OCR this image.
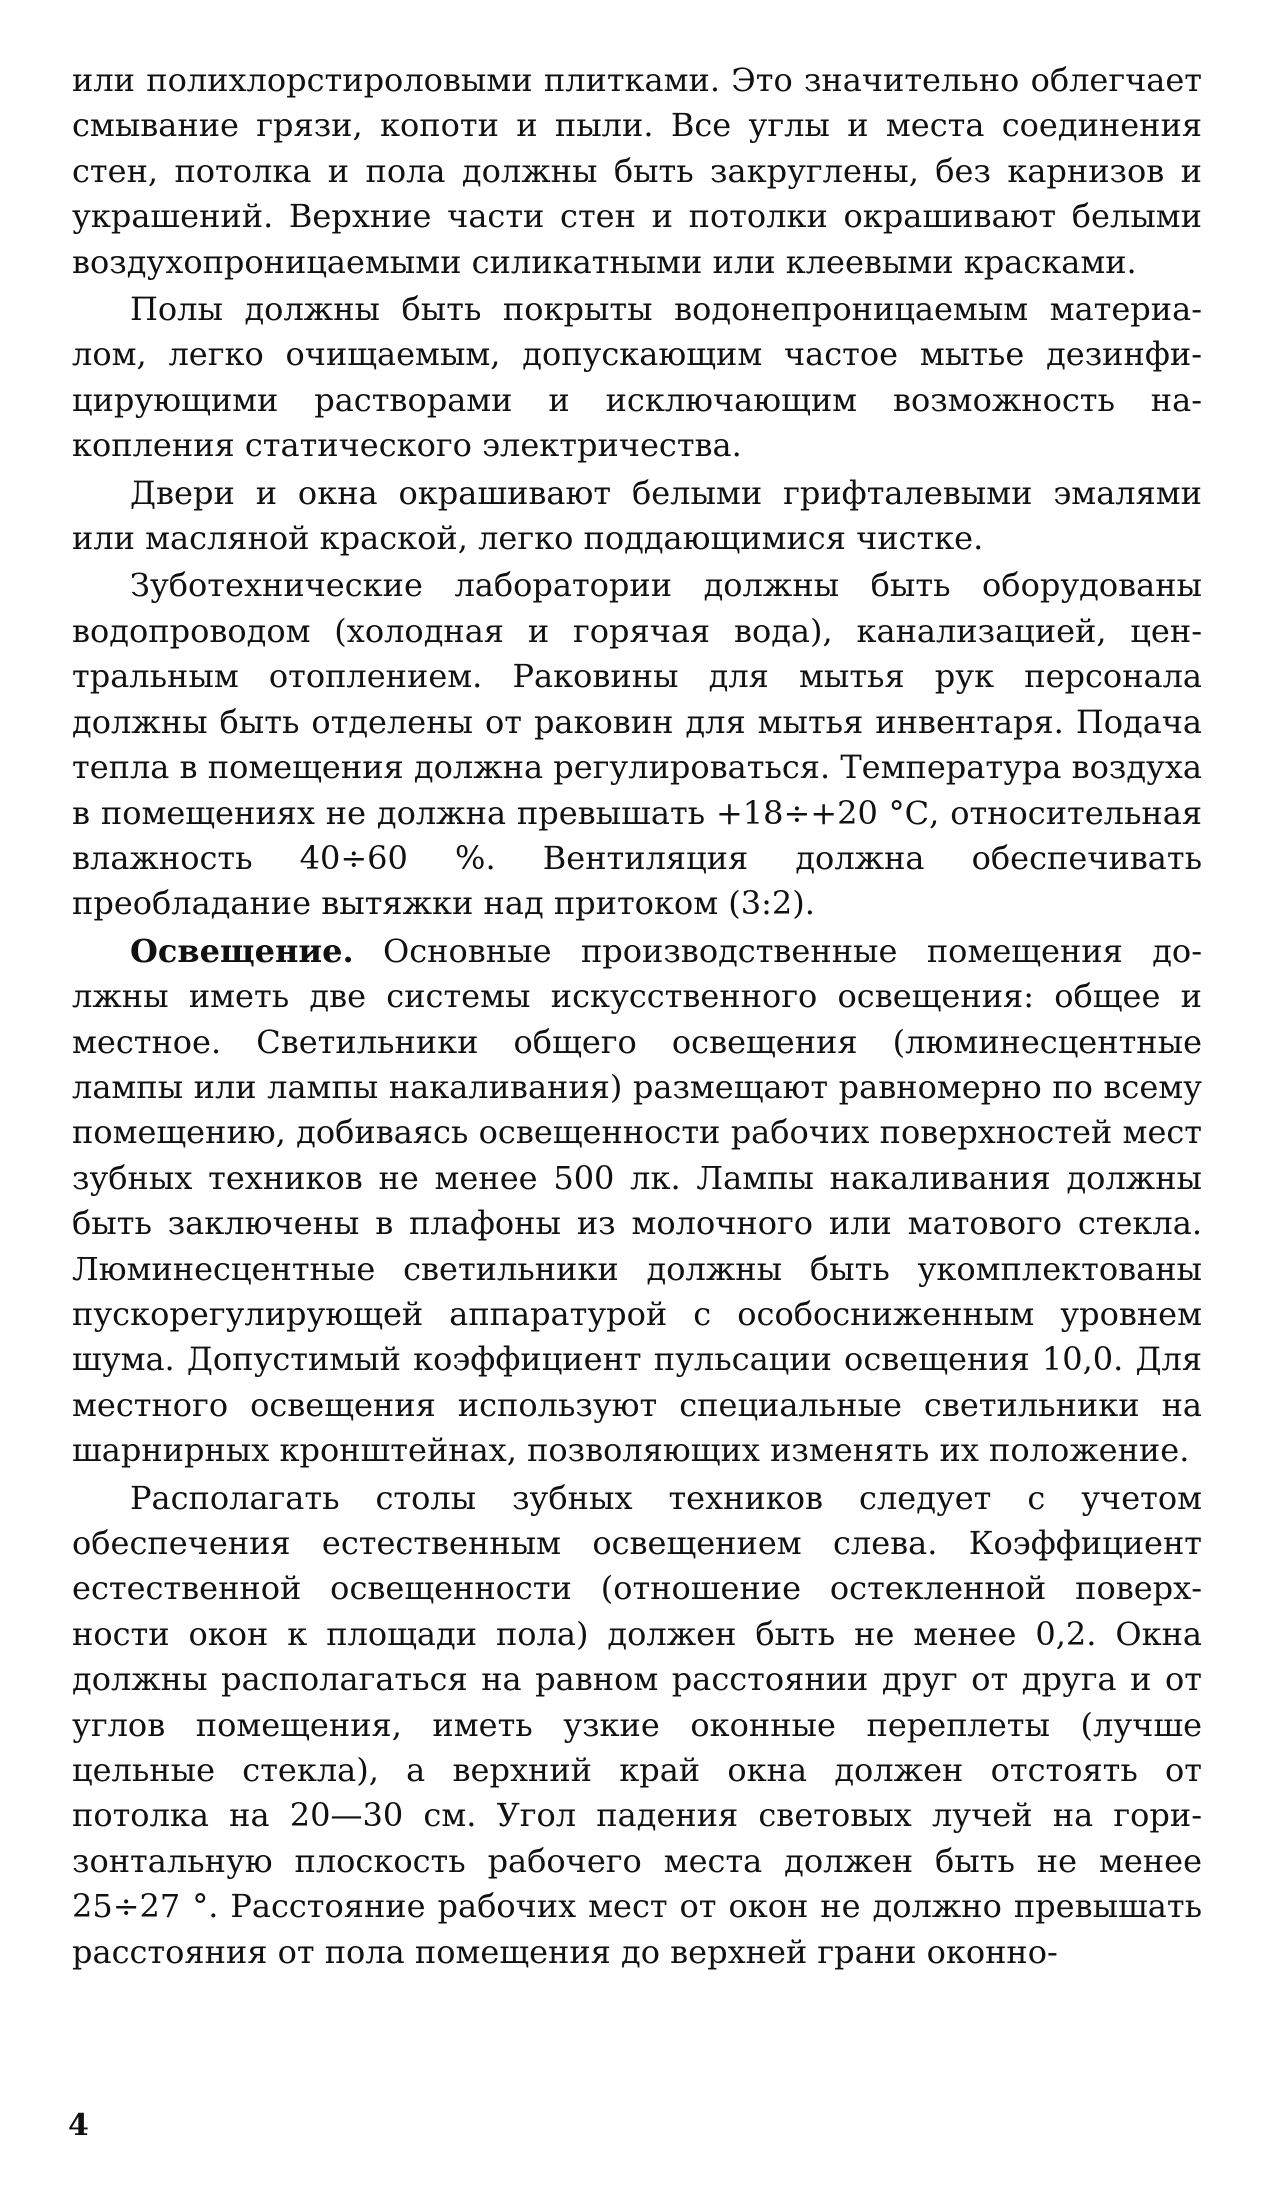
или полихлорстироловыми плитками. Это значительно облегчает смывание грязи, копоти и пыли. Все углы и места соединения стен, потолка и пола должны быть закруглены, без карнизов и украшений. Верхние части стен и потолки окрашивают белыми воздухопроницаемыми силикатными или клеевыми красками.

Полы должны быть покрыты водонепроницаемым материалом, легко очищаемым, допускающим частое мытье дезинфицирующими растворами и исключающим возможность накопления статического электричества.

Двери и окна окрашивают белыми грифталевыми эмалями или масляной краской, легко поддающимися чистке.

Зуботехнические лаборатории должны быть оборудованы водопроводом (холодная и горячая вода), канализацией, центральным отоплением. Раковины для мытья рук персонала должны быть отделены от раковин для мытья инвентаря. Подача тепла в помещения должна регулироваться. Температура воздуха в помещениях не должна превышать +18÷+20 °С, относительная влажность 40÷60 %. Вентиляция должна обеспечивать преобладание вытяжки над притоком (3:2).

Освещение. Основные производственные помещения должны иметь две системы искусственного освещения: общее и местное. Светильники общего освещения (люминесцентные лампы или лампы накаливания) размещают равномерно по всему помещению, добиваясь освещенности рабочих поверхностей мест зубных техников не менее 500 лк. Лампы накаливания должны быть заключены в плафоны из молочного или матового стекла. Люминесцентные светильники должны быть укомплектованы пускорегулирующей аппаратурой с особосниженным уровнем шума. Допустимый коэффициент пульсации освещения 10,0. Для местного освещения используют специальные светильники на шарнирных кронштейнах, позволяющих изменять их положение.

Располагать столы зубных техников следует с учетом обеспечения естественным освещением слева. Коэффициент естественной освещенности (отношение остекленной поверхности окон к площади пола) должен быть не менее 0,2. Окна должны располагаться на равном расстоянии друг от друга и от углов помещения, иметь узкие оконные переплеты (лучше цельные стекла), а верхний край окна должен отстоять от потолка на 20—30 см. Угол падения световых лучей на горизонтальную плоскость рабочего места должен быть не менее 25÷27 °. Расстояние рабочих мест от окон не должно превышать расстояния от пола помещения до верхней грани оконно-

4
